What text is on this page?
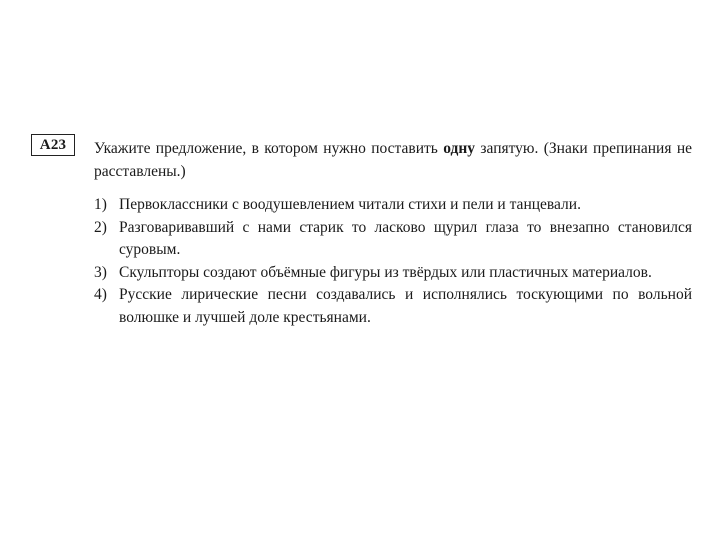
А23	Укажите предложение, в котором нужно поставить одну запятую. (Знаки препинания не расставлены.)

1) Первоклассники с воодушевлением читали стихи и пели и танцевали.
2) Разговаривавший с нами старик то ласково щурил глаза то внезапно становился суровым.
3) Скульпторы создают объёмные фигуры из твёрдых или пластичных материалов.
4) Русские лирические песни создавались и исполнялись тоскующими по вольной волюшке и лучшей доле крестьянами.
